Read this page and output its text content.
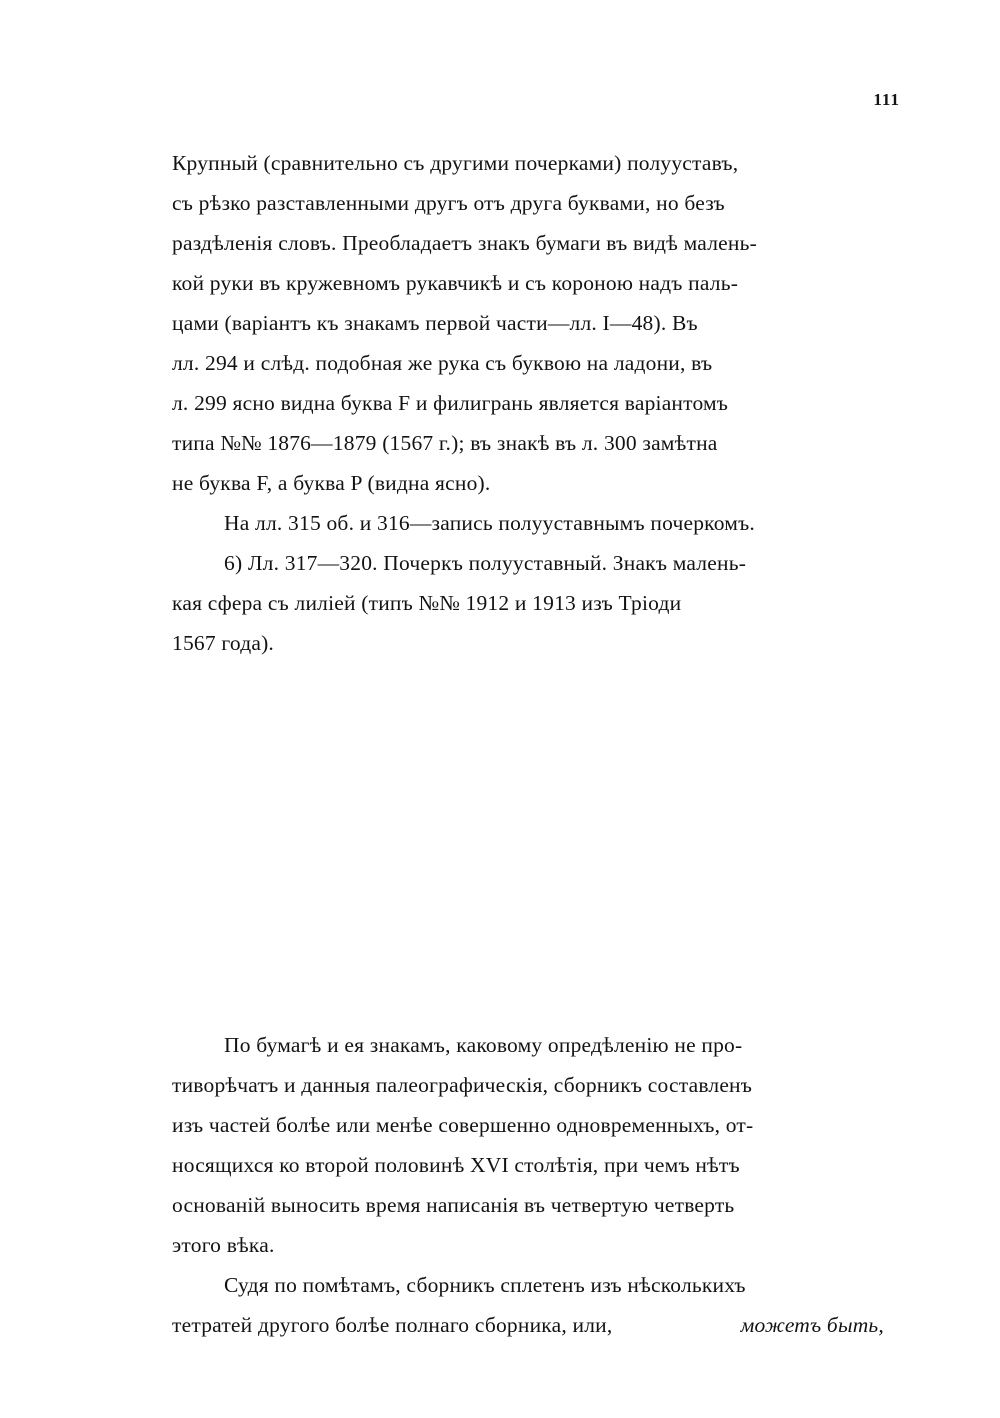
111
Крупный (сравнительно съ другими почерками) полууставъ,
съ рѣзко разставленными другъ отъ друга буквами, но безъ
раздѣленія словъ. Преобладаетъ знакъ бумаги въ видѣ малень-
кой руки въ кружевномъ рукавчикѣ и съ короною надъ паль-
цами (варіантъ къ знакамъ первой части—лл. I—48). Въ
лл. 294 и слѣд. подобная же рука съ буквою на ладони, въ
л. 299 ясно видна буква F и филигрань является варіантомъ
типа №№ 1876—1879 (1567 г.); въ знакѣ въ л. 300 замѣтна
не буква F, а буква P (видна ясно).
На лл. 315 об. и 316—запись полууставнымъ почеркомъ.
6) Лл. 317—320. Почеркъ полууставный. Знакъ малень-
кая сфера съ лиліей (типъ №№ 1912 и 1913 изъ Тріоди
1567 года).
По бумагѣ и ея знакамъ, каковому опредѣленію не про-
тиворѣчатъ и данныя палеографическія, сборникъ составленъ
изъ частей болѣе или менѣе совершенно одновременныхъ, от-
носящихся ко второй половинѣ XVI столѣтія, при чемъ нѣтъ
основаній выносить время написанія въ четвертую четверть
этого вѣка.
Судя по помѣтамъ, сборникъ сплетенъ изъ нѣсколькихъ
тетратей другого болѣе полнаго сборника, или,	можетъ быть,
